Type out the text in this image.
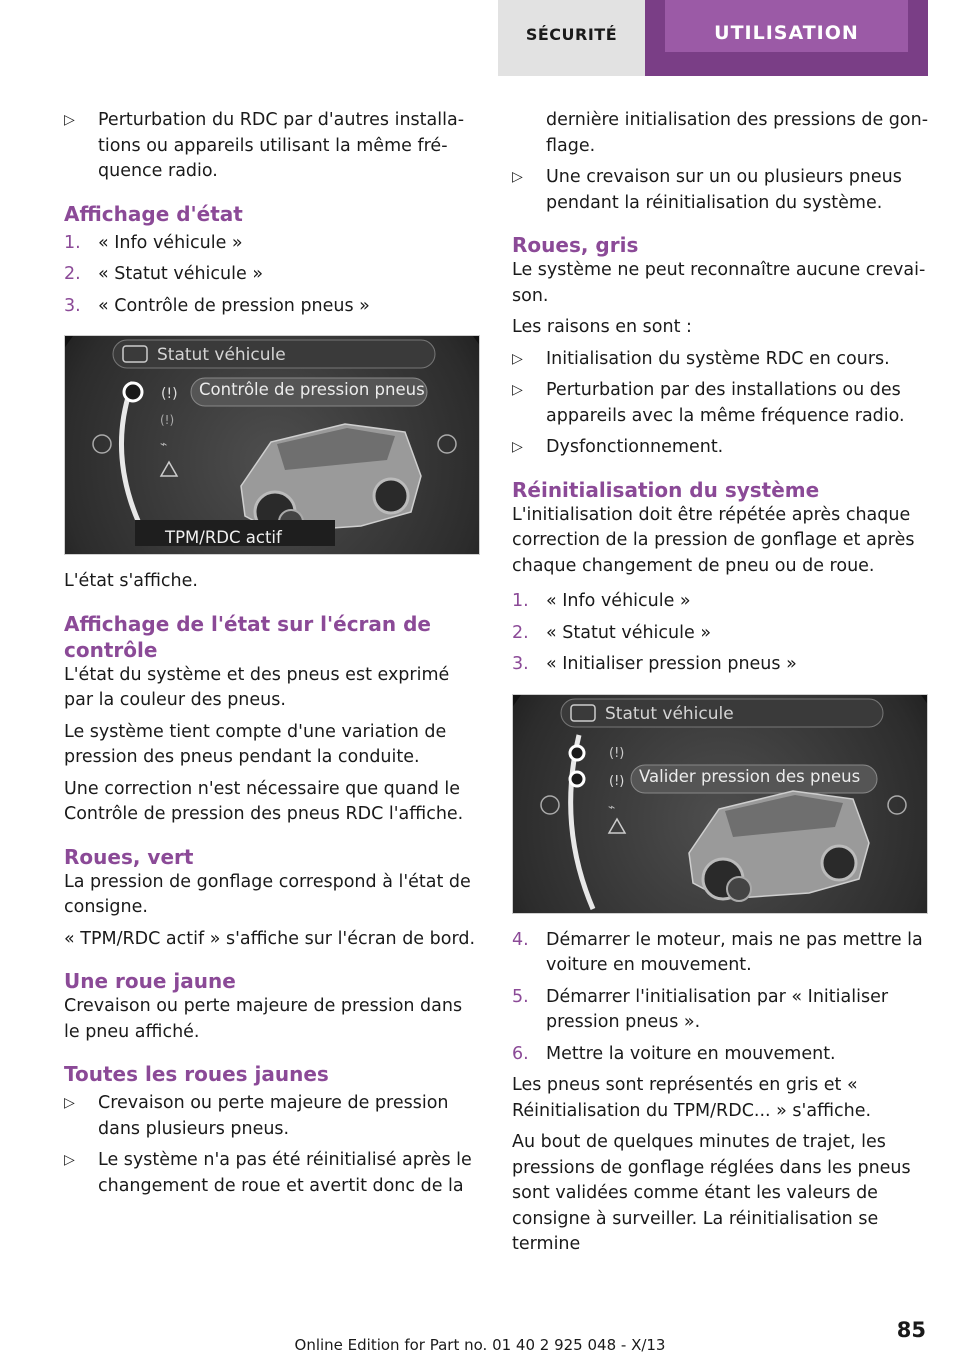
SÉCURITÉ	UTILISATION
▷ Perturbation du RDC par d'autres installations ou appareils utilisant la même fréquence radio.
Affichage d'état
1. « Info véhicule »
2. « Statut véhicule »
3. « Contrôle de pression pneus »
(!)
(!)
⌁
Statut véhicule
Contrôle de pression pneus
TPM/RDC actif

L'état s'affiche.

Affichage de l'état sur l'écran de contrôle

L'état du système et des pneus est exprimé par la couleur des pneus.

Le système tient compte d'une variation de pression des pneus pendant la conduite.

Une correction n'est nécessaire que quand le Contrôle de pression des pneus RDC l'affiche.

Roues, vert

La pression de gonflage correspond à l'état de consigne.

« TPM/RDC actif » s'affiche sur l'écran de bord.

Une roue jaune

Crevaison ou perte majeure de pression dans le pneu affiché.

Toutes les roues jaunes
▷ Crevaison ou perte majeure de pression dans plusieurs pneus.
▷ Le système n'a pas été réinitialisé après le changement de roue et avertit donc de la

dernière initialisation des pressions de gonflage.

▷ Une crevaison sur un ou plusieurs pneus pendant la réinitialisation du système.
Roues, gris

Le système ne peut reconnaître aucune crevaison.

Les raisons en sont :

▷ Initialisation du système RDC en cours.
▷ Perturbation par des installations ou des appareils avec la même fréquence radio.
▷ Dysfonctionnement.
Réinitialisation du système

L'initialisation doit être répétée après chaque correction de la pression de gonflage et après chaque changement de pneu ou de roue.

1. « Info véhicule »
2. « Statut véhicule »
3. « Initialiser pression pneus »
(!)
(!)
⌁
Statut véhicule
Valider pression des pneus
4. Démarrer le moteur, mais ne pas mettre la voiture en mouvement.
5. Démarrer l'initialisation par « Initialiser pression pneus ».
6. Mettre la voiture en mouvement.

Les pneus sont représentés en gris et « Réinitialisation du TPM/RDC... » s'affiche.

Au bout de quelques minutes de trajet, les pressions de gonflage réglées dans les pneus sont validées comme étant les valeurs de consigne à surveiller. La réinitialisation se termine

Online Edition for Part no. 01 40 2 925 048 - X/13
85
